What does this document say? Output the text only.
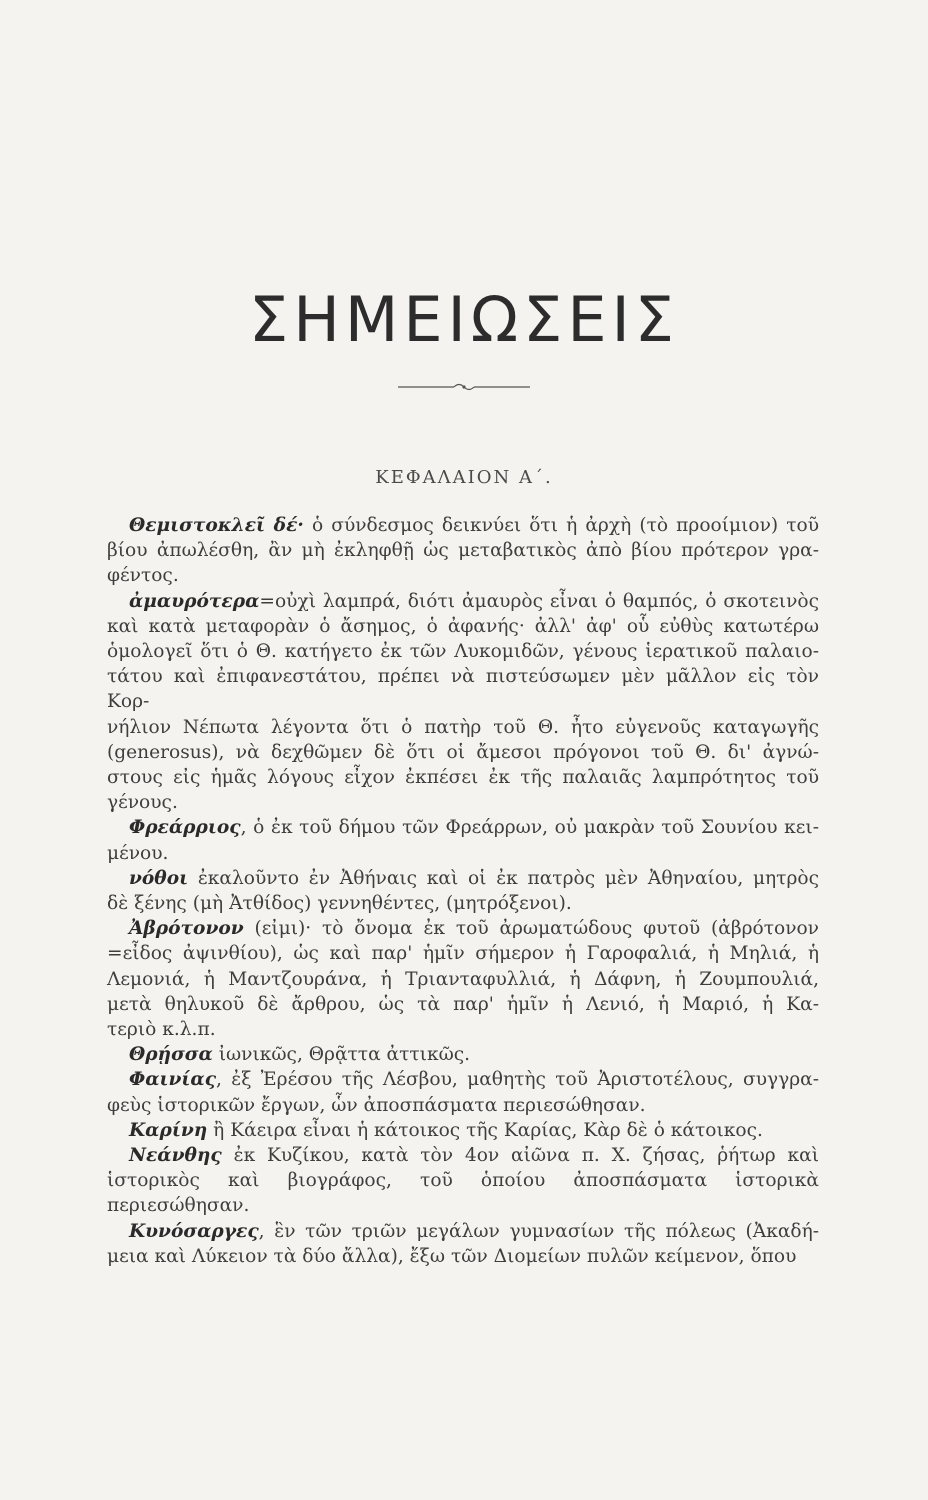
ΣΗΜΕΙΩΣΕΙΣ
ΚΕΦΑΛΑΙΟΝ Α΄.

Θεμιστοκλεῖ δέ· ὁ σύνδεσμος δεικνύει ὅτι ἡ ἀρχὴ (τὸ προοίμιον) τοῦ
βίου ἀπωλέσθη, ἂν μὴ ἐκληφθῇ ὡς μεταβατικὸς ἀπὸ βίου πρότερον γρα-
φέντος.

ἀμαυρότερα=οὐχὶ λαμπρά, διότι ἀμαυρὸς εἶναι ὁ θαμπός, ὁ σκοτεινὸς
καὶ κατὰ μεταφορὰν ὁ ἄσημος, ὁ ἀφανής· ἀλλ' ἀφ' οὗ εὐθὺς κατωτέρω
ὁμολογεῖ ὅτι ὁ Θ. κατήγετο ἐκ τῶν Λυκομιδῶν, γένους ἱερατικοῦ παλαιο-
τάτου καὶ ἐπιφανεστάτου, πρέπει νὰ πιστεύσωμεν μὲν μᾶλλον εἰς τὸν Κορ-
νήλιον Νέπωτα λέγοντα ὅτι ὁ πατὴρ τοῦ Θ. ἦτο εὐγενοῦς καταγωγῆς
(generosus), νὰ δεχθῶμεν δὲ ὅτι οἱ ἄμεσοι πρόγονοι τοῦ Θ. δι' ἀγνώ-
στους εἰς ἡμᾶς λόγους εἶχον ἐκπέσει ἐκ τῆς παλαιᾶς λαμπρότητος τοῦ
γένους.

Φρεάρριος, ὁ ἐκ τοῦ δήμου τῶν Φρεάρρων, οὐ μακρὰν τοῦ Σουνίου κει-
μένου.

νόθοι ἐκαλοῦντο ἐν Ἀθήναις καὶ οἱ ἐκ πατρὸς μὲν Ἀθηναίου, μητρὸς
δὲ ξένης (μὴ Ἀτθίδος) γεννηθέντες, (μητρόξενοι).

Ἀβρότονον (εἰμι)· τὸ ὄνομα ἐκ τοῦ ἀρωματώδους φυτοῦ (ἀβρότονον
=εἶδος ἀψινθίου), ὡς καὶ παρ' ἡμῖν σήμερον ἡ Γαροφαλιά, ἡ Μηλιά, ἡ
Λεμονιά, ἡ Μαντζουράνα, ἡ Τριανταφυλλιά, ἡ Δάφνη, ἡ Ζουμπουλιά,
μετὰ θηλυκοῦ δὲ ἄρθρου, ὡς τὰ παρ' ἡμῖν ἡ Λενιό, ἡ Μαριό, ἡ Κα-
τεριὸ κ.λ.π.

Θρῄσσα ἰωνικῶς, Θρᾷττα ἀττικῶς.

Φαινίας, ἐξ Ἐρέσου τῆς Λέσβου, μαθητὴς τοῦ Ἀριστοτέλους, συγγρα-
φεὺς ἱστορικῶν ἔργων, ὧν ἀποσπάσματα περιεσώθησαν.

Καρίνη ἢ Κάειρα εἶναι ἡ κάτοικος τῆς Καρίας, Κὰρ δὲ ὁ κάτοικος.

Νεάνθης ἐκ Κυζίκου, κατὰ τὸν 4ον αἰῶνα π. Χ. ζήσας, ῥήτωρ καὶ
ἱστορικὸς καὶ βιογράφος, τοῦ ὁποίου ἀποσπάσματα ἱστορικὰ περιεσώθησαν.

Κυνόσαργες, ἓν τῶν τριῶν μεγάλων γυμνασίων τῆς πόλεως (Ἀκαδή-
μεια καὶ Λύκειον τὰ δύο ἄλλα), ἔξω τῶν Διομείων πυλῶν κείμενον, ὅπου
